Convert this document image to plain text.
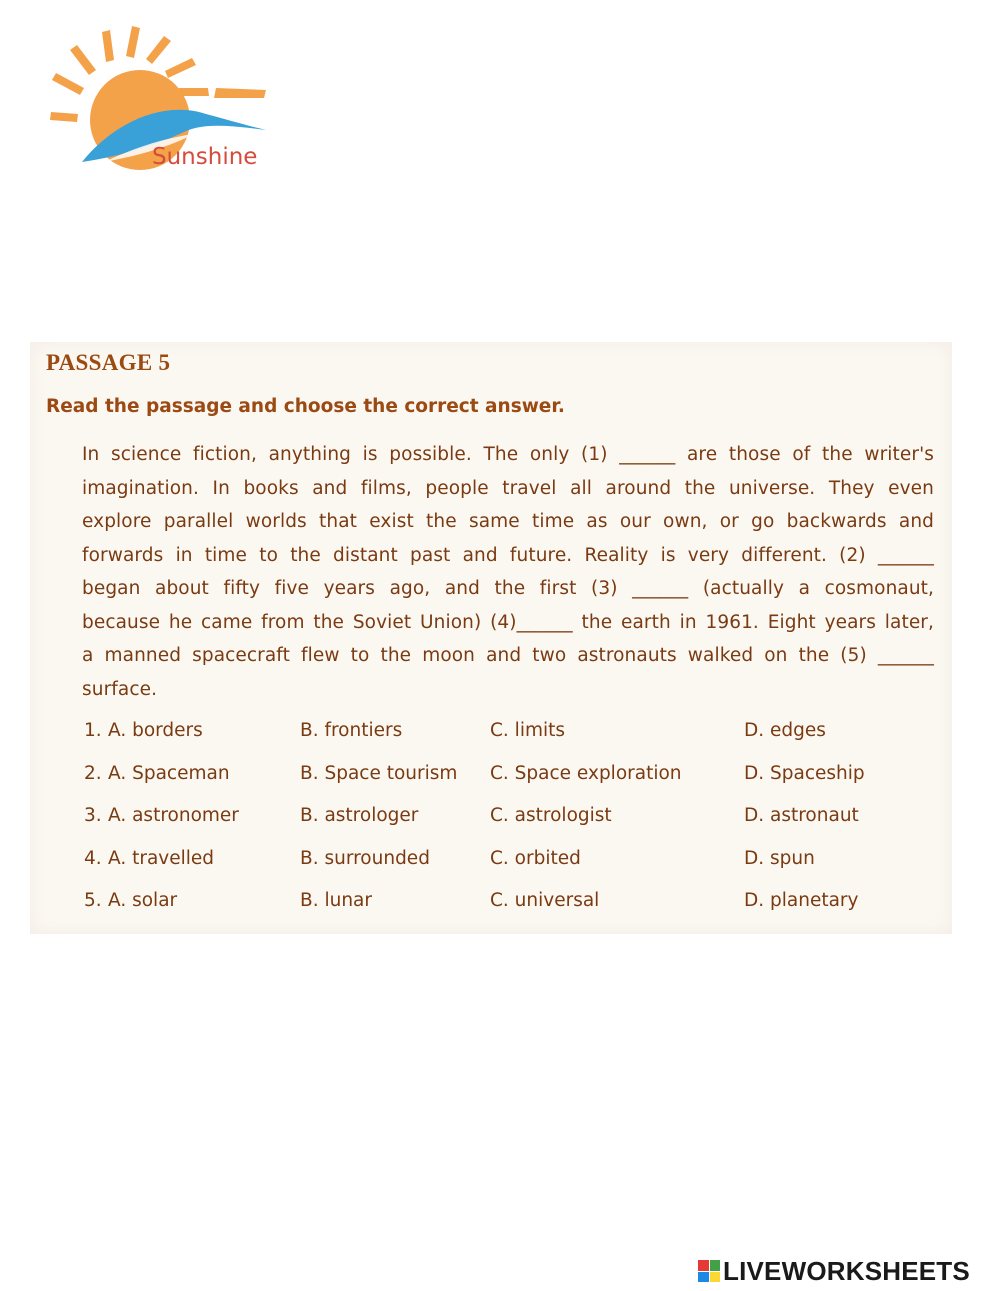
Sunshine
PASSAGE 5
Read the passage and choose the correct answer.
In science fiction, anything is possible. The only (1) ______ are those of the writer's
imagination. In books and films, people travel all around the universe. They even
explore parallel worlds that exist the same time as our own, or go backwards and
forwards in time to the distant past and future. Reality is very different. (2) ______
began about fifty five years ago, and the first (3) ______ (actually a cosmonaut,
because he came from the Soviet Union) (4)______ the earth in 1961. Eight years later,
a manned spacecraft flew to the moon and two astronauts walked on the (5) ______
surface.
1. A. borders	B. frontiers	C. limits	D. edges
2. A. Spaceman	B. Space tourism C. Space exploration	D. Spaceship
3. A. astronomer	B. astrologer	C. astrologist	D. astronaut
4. A. travelled	B. surrounded	C. orbited	D. spun
5. A. solar	B. lunar	C. universal	D. planetary
LIVEWORKSHEETS
